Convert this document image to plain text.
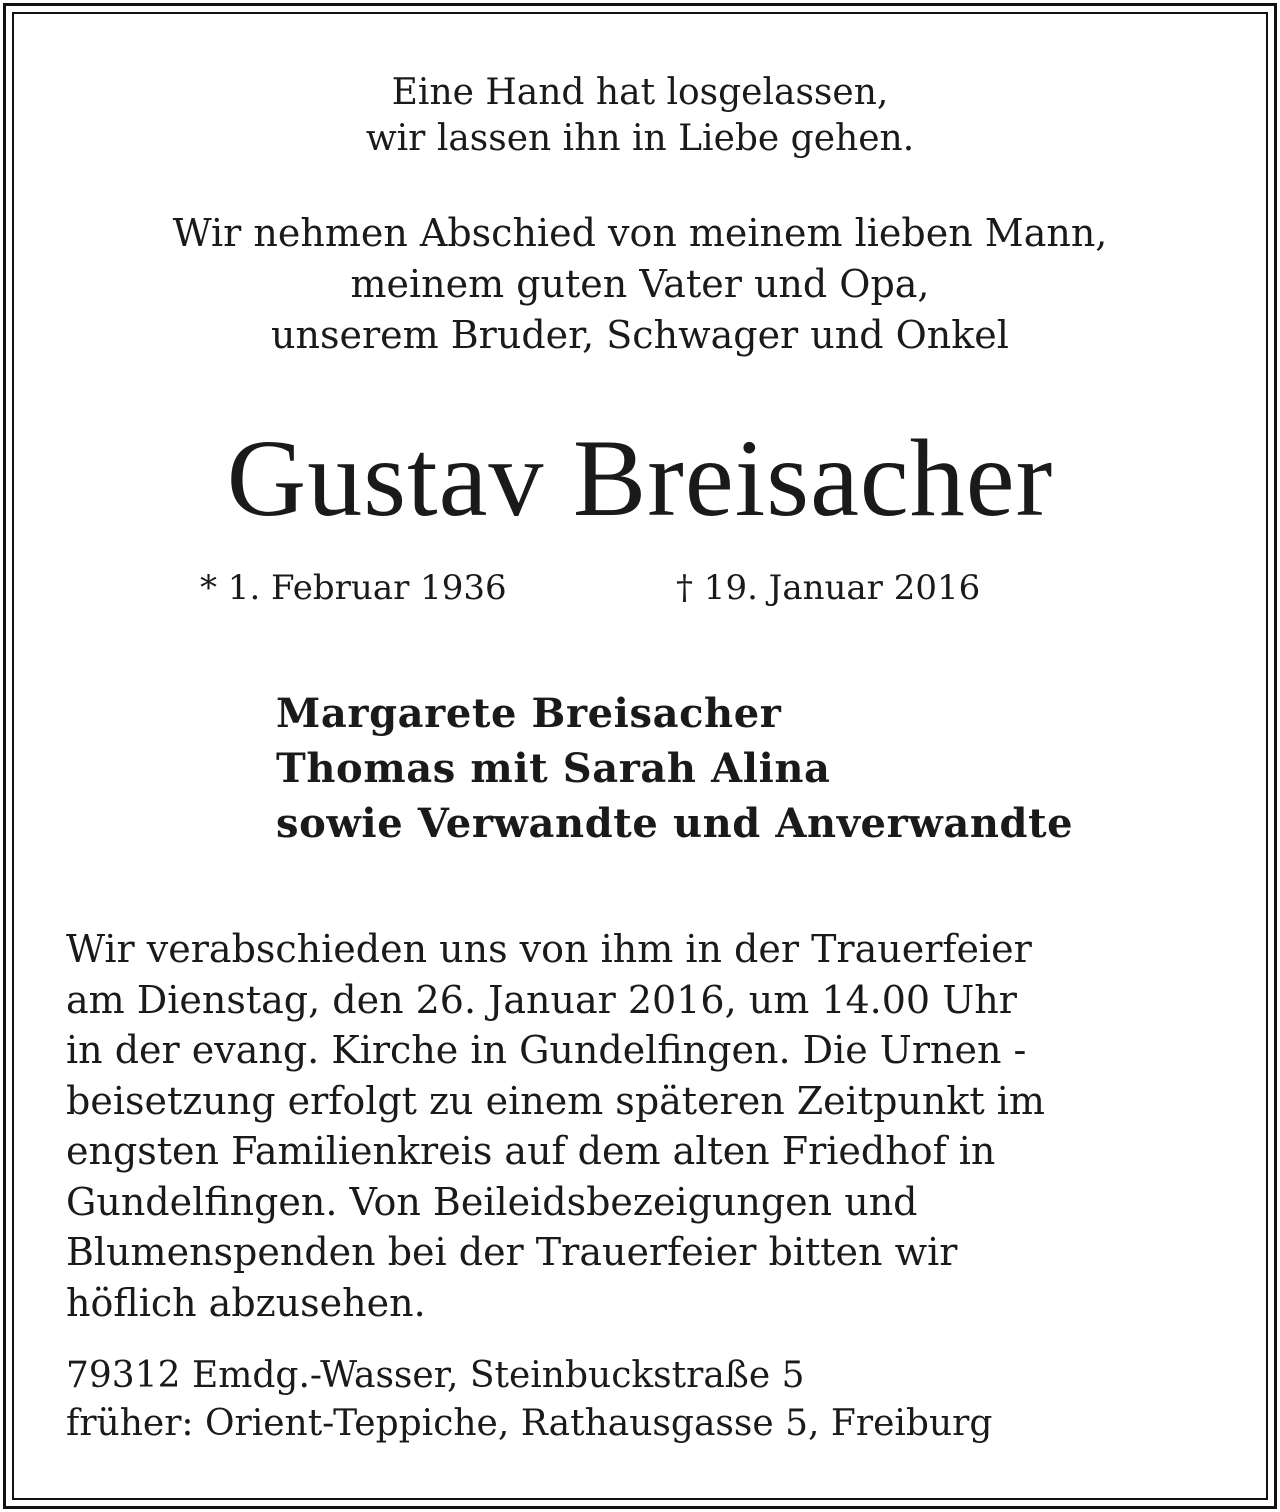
Eine Hand hat losgelassen,
wir lassen ihn in Liebe gehen.
Wir nehmen Abschied von meinem lieben Mann,
meinem guten Vater und Opa,
unserem Bruder, Schwager und Onkel
Gustav Breisacher
* 1. Februar 1936	† 19. Januar 2016
Margarete Breisacher
Thomas mit Sarah Alina
sowie Verwandte und Anverwandte
Wir verabschieden uns von ihm in der Trauerfeier
am Dienstag, den 26. Januar 2016, um 14.00 Uhr
in der evang. Kirche in Gundelfingen. Die Urnen -
beisetzung erfolgt zu einem späteren Zeitpunkt im
engsten Familienkreis auf dem alten Friedhof in
Gundelfingen. Von Beileidsbezeigungen und
Blumenspenden bei der Trauerfeier bitten wir
höflich abzusehen.
79312 Emdg.-Wasser, Steinbuckstraße 5
früher: Orient-Teppiche, Rathausgasse 5, Freiburg
